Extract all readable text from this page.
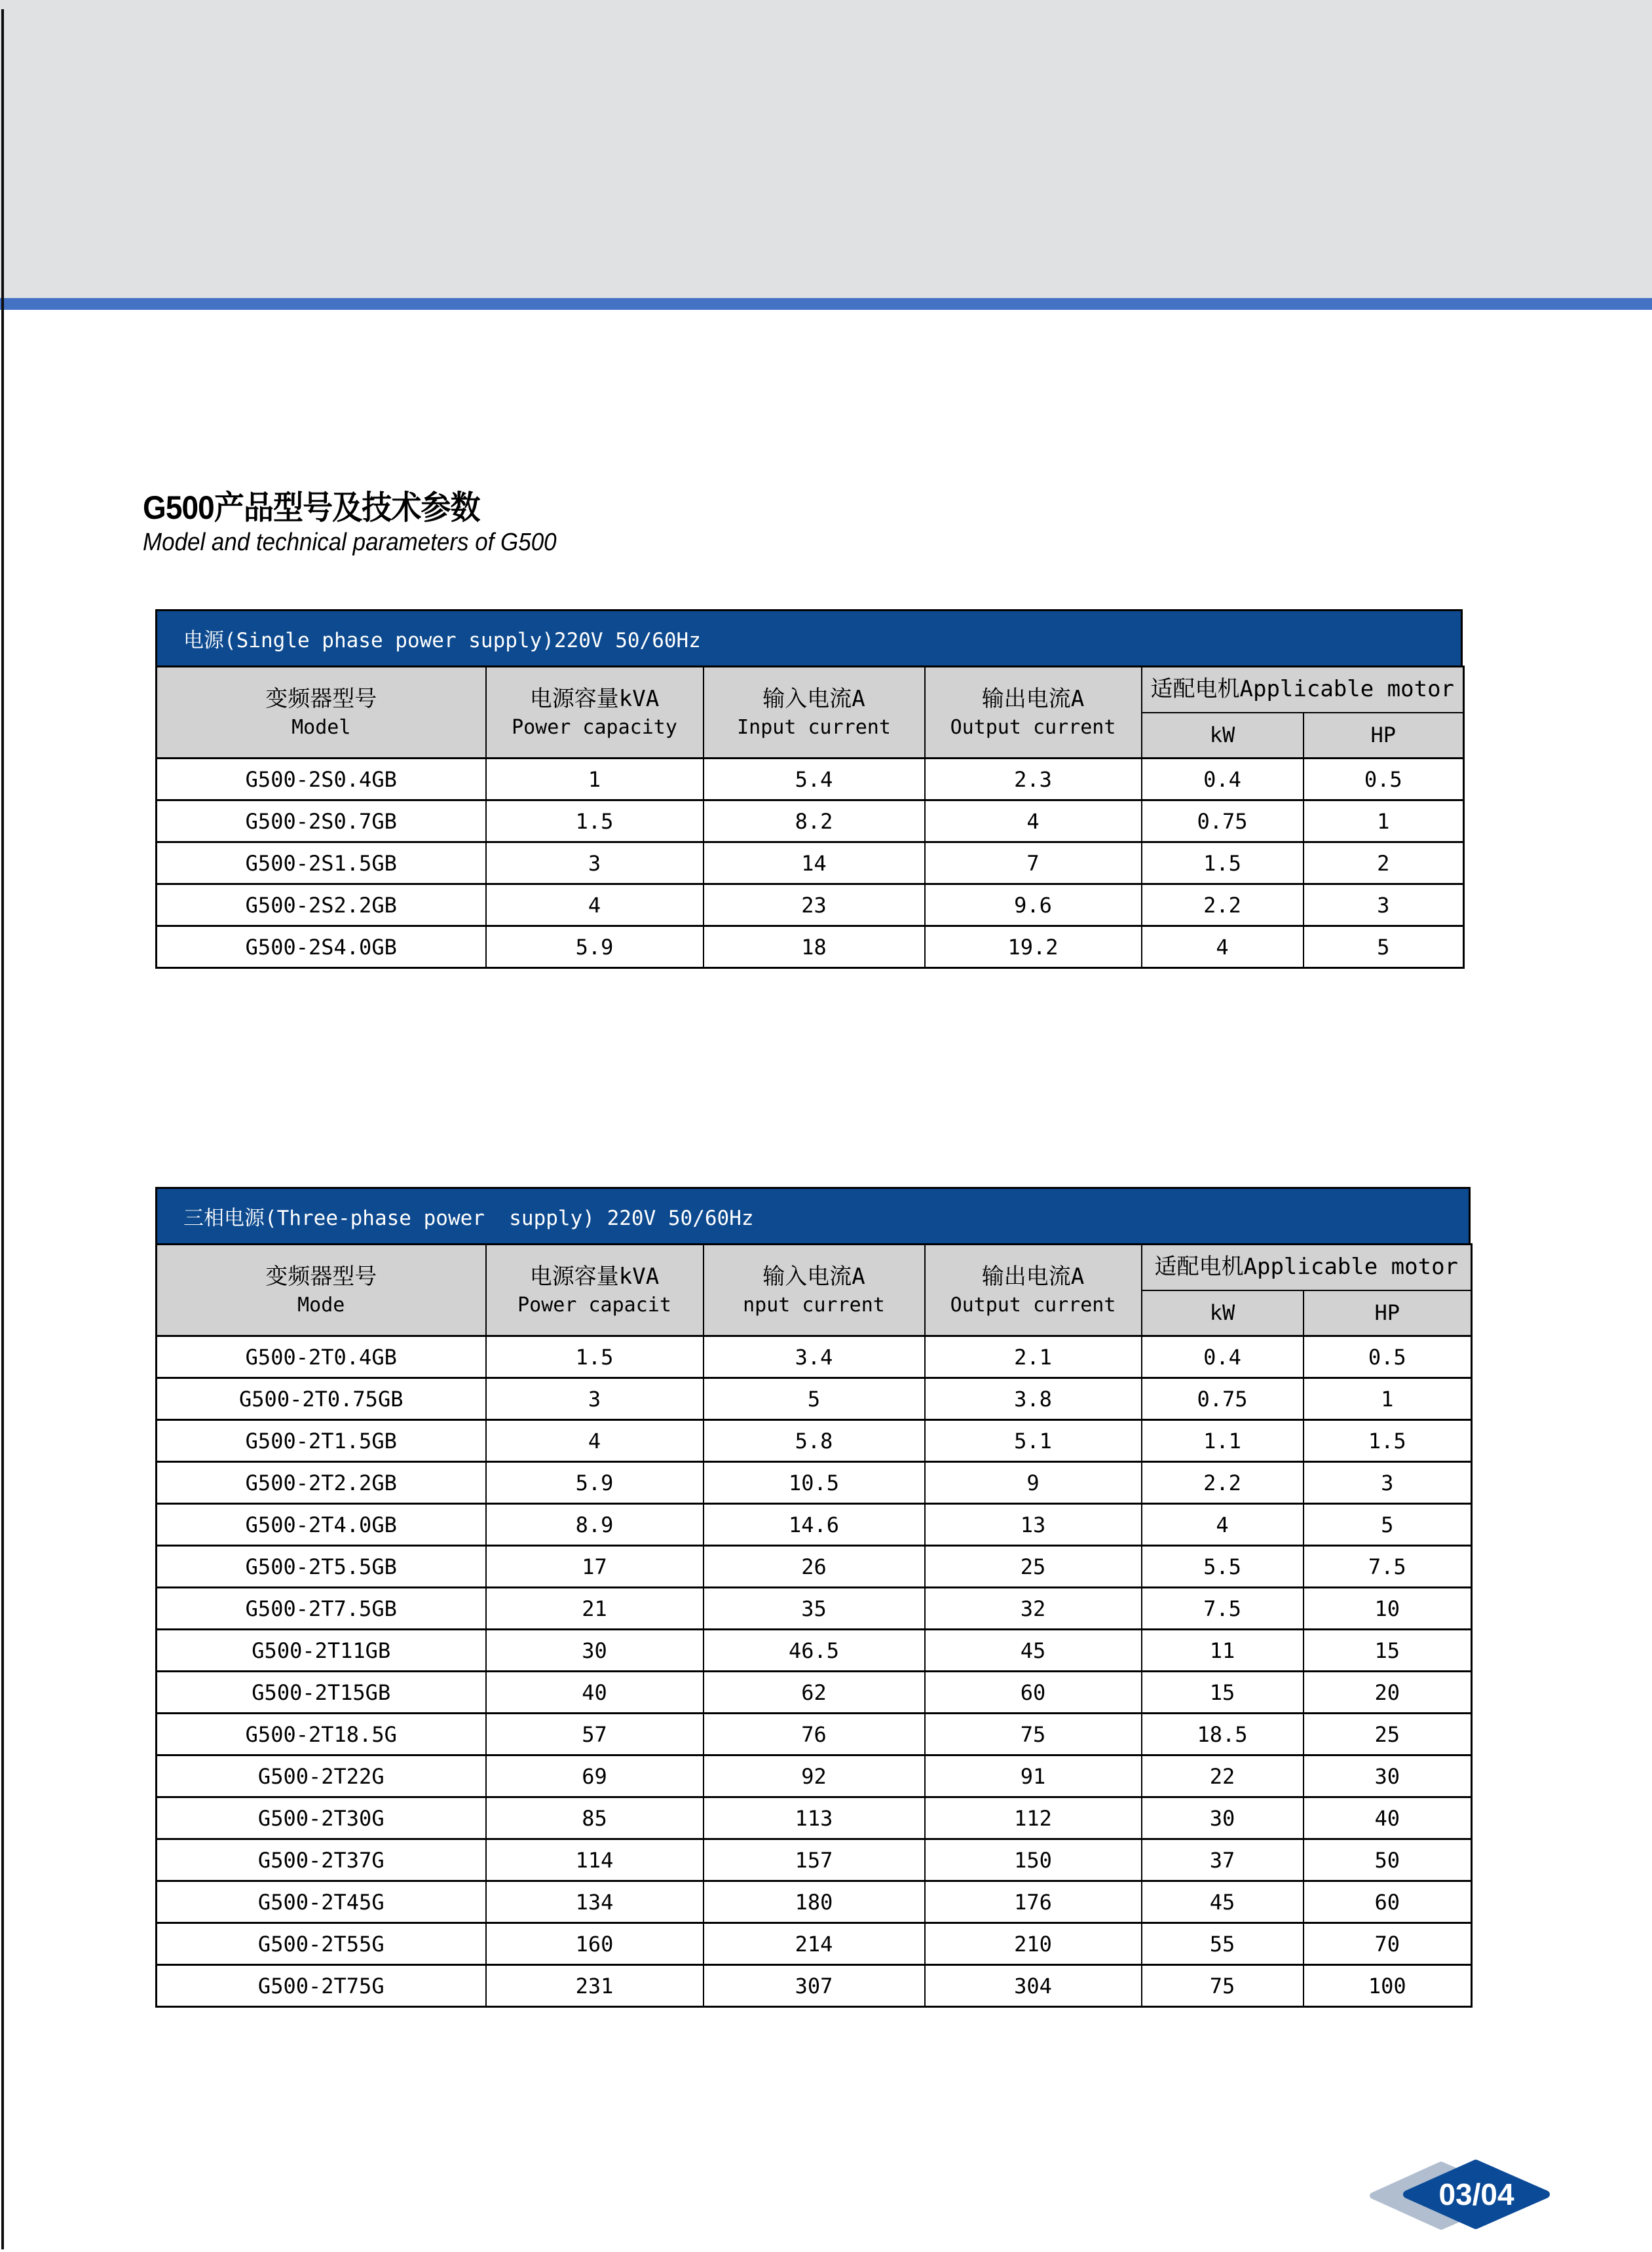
G500产品型号及技术参数
Model and technical parameters of G500
电源(Single phase power supply)220V 50/60Hz
变频器型号
Model

电源容量kVA
Power capacity

输入电流A
Input current

输出电流A
Output current

适配电机Applicable motor

				kW	HP
G500-2S0.4GB	1	5.4	2.3	0.4	0.5
G500-2S0.7GB	1.5	8.2	4	0.75	1
G500-2S1.5GB	3	14	7	1.5	2
G500-2S2.2GB	4	23	9.6	2.2	3
G500-2S4.0GB	5.9	18	19.2	4	5
三相电源(Three-phase power  supply) 220V 50/60Hz
变频器型号
Mode

电源容量kVA
Power capacit

输入电流A
nput current

输出电流A
Output current

适配电机Applicable motor

				kW	HP
G500-2T0.4GB	1.5	3.4	2.1	0.4	0.5
G500-2T0.75GB	3	5	3.8	0.75	1
G500-2T1.5GB	4	5.8	5.1	1.1	1.5
G500-2T2.2GB	5.9	10.5	9	2.2	3
G500-2T4.0GB	8.9	14.6	13	4	5
G500-2T5.5GB	17	26	25	5.5	7.5
G500-2T7.5GB	21	35	32	7.5	10
G500-2T11GB	30	46.5	45	11	15
G500-2T15GB	40	62	60	15	20
G500-2T18.5G	57	76	75	18.5	25
G500-2T22G	69	92	91	22	30
G500-2T30G	85	113	112	30	40
G500-2T37G	114	157	150	37	50
G500-2T45G	134	180	176	45	60
G500-2T55G	160	214	210	55	70
G500-2T75G	231	307	304	75	100
03/04
